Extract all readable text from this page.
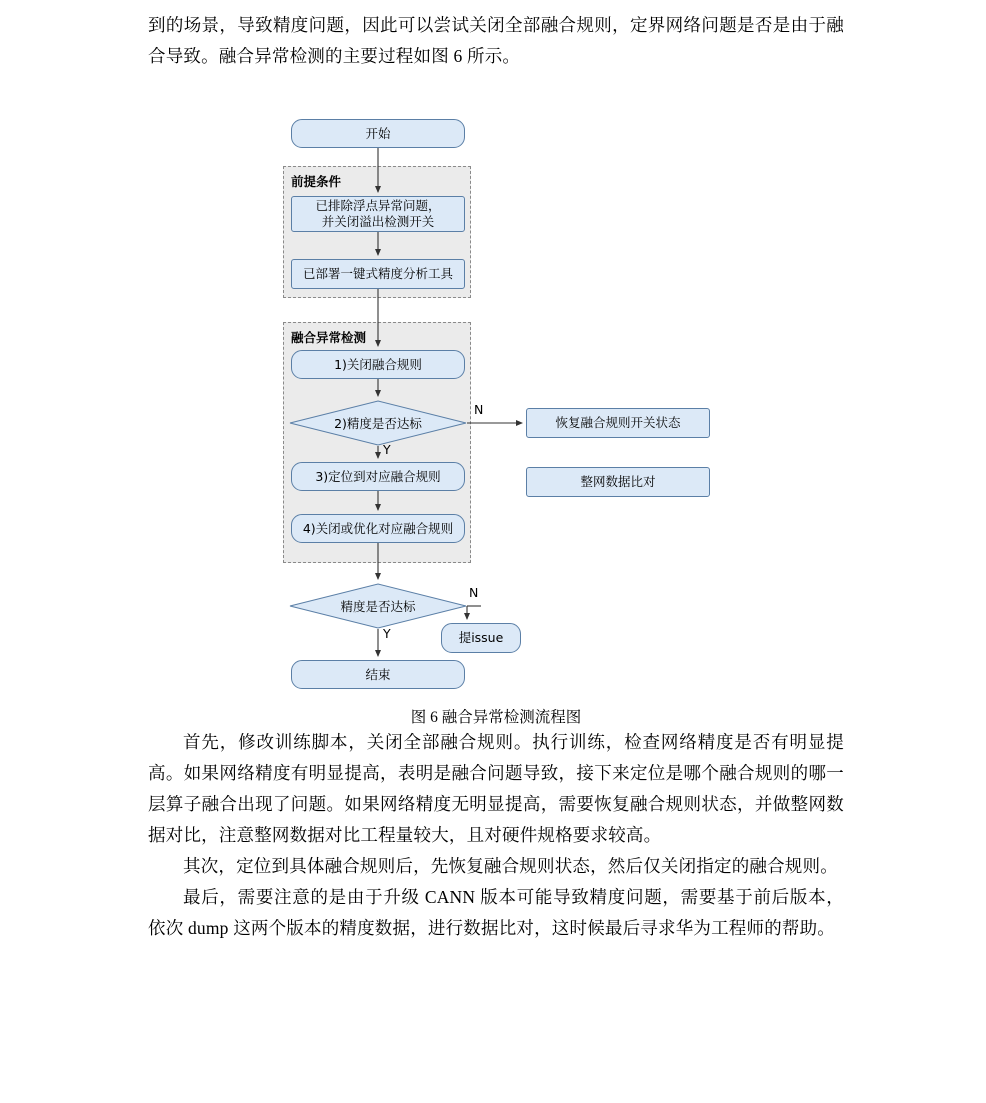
到的场景，导致精度问题，因此可以尝试关闭全部融合规则，定界网络问题是否是由于融合导致。融合异常检测的主要过程如图 6 所示。

前提条件
融合异常检测
开始
已排除浮点异常问题，
并关闭溢出检测开关
已部署一键式精度分析工具
1)关闭融合规则
2)精度是否达标	恢复融合规则开关状态
整网数据比对
3)定位到对应融合规则
4)关闭或优化对应融合规则
精度是否达标
提issue
结束
N
Y
N
Y
图 6 融合异常检测流程图

首先，修改训练脚本，关闭全部融合规则。执行训练，检查网络精度是否有明显提高。如果网络精度有明显提高，表明是融合问题导致，接下来定位是哪个融合规则的哪一层算子融合出现了问题。如果网络精度无明显提高，需要恢复融合规则状态，并做整网数据对比，注意整网数据对比工程量较大，且对硬件规格要求较高。

其次，定位到具体融合规则后，先恢复融合规则状态，然后仅关闭指定的融合规则。

最后，需要注意的是由于升级 CANN 版本可能导致精度问题，需要基于前后版本，依次 dump 这两个版本的精度数据，进行数据比对，这时候最后寻求华为工程师的帮助。
